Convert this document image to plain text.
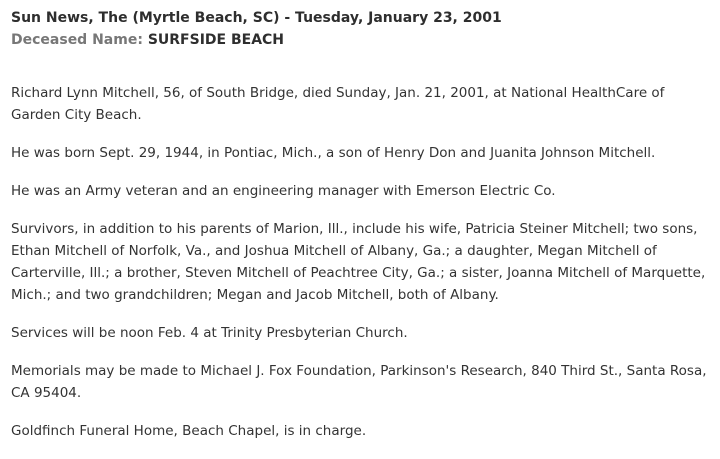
Sun News, The (Myrtle Beach, SC) - Tuesday, January 23, 2001
Deceased Name: SURFSIDE BEACH

Richard Lynn Mitchell, 56, of South Bridge, died Sunday, Jan. 21, 2001, at National HealthCare of Garden City Beach.

He was born Sept. 29, 1944, in Pontiac, Mich., a son of Henry Don and Juanita Johnson Mitchell.

He was an Army veteran and an engineering manager with Emerson Electric Co.

Survivors, in addition to his parents of Marion, Ill., include his wife, Patricia Steiner Mitchell; two sons, Ethan Mitchell of Norfolk, Va., and Joshua Mitchell of Albany, Ga.; a daughter, Megan Mitchell of Carterville, Ill.; a brother, Steven Mitchell of Peachtree City, Ga.; a sister, Joanna Mitchell of Marquette, Mich.; and two grandchildren; Megan and Jacob Mitchell, both of Albany.

Services will be noon Feb. 4 at Trinity Presbyterian Church.

Memorials may be made to Michael J. Fox Foundation, Parkinson's Research, 840 Third St., Santa Rosa, CA 95404.

Goldfinch Funeral Home, Beach Chapel, is in charge.
